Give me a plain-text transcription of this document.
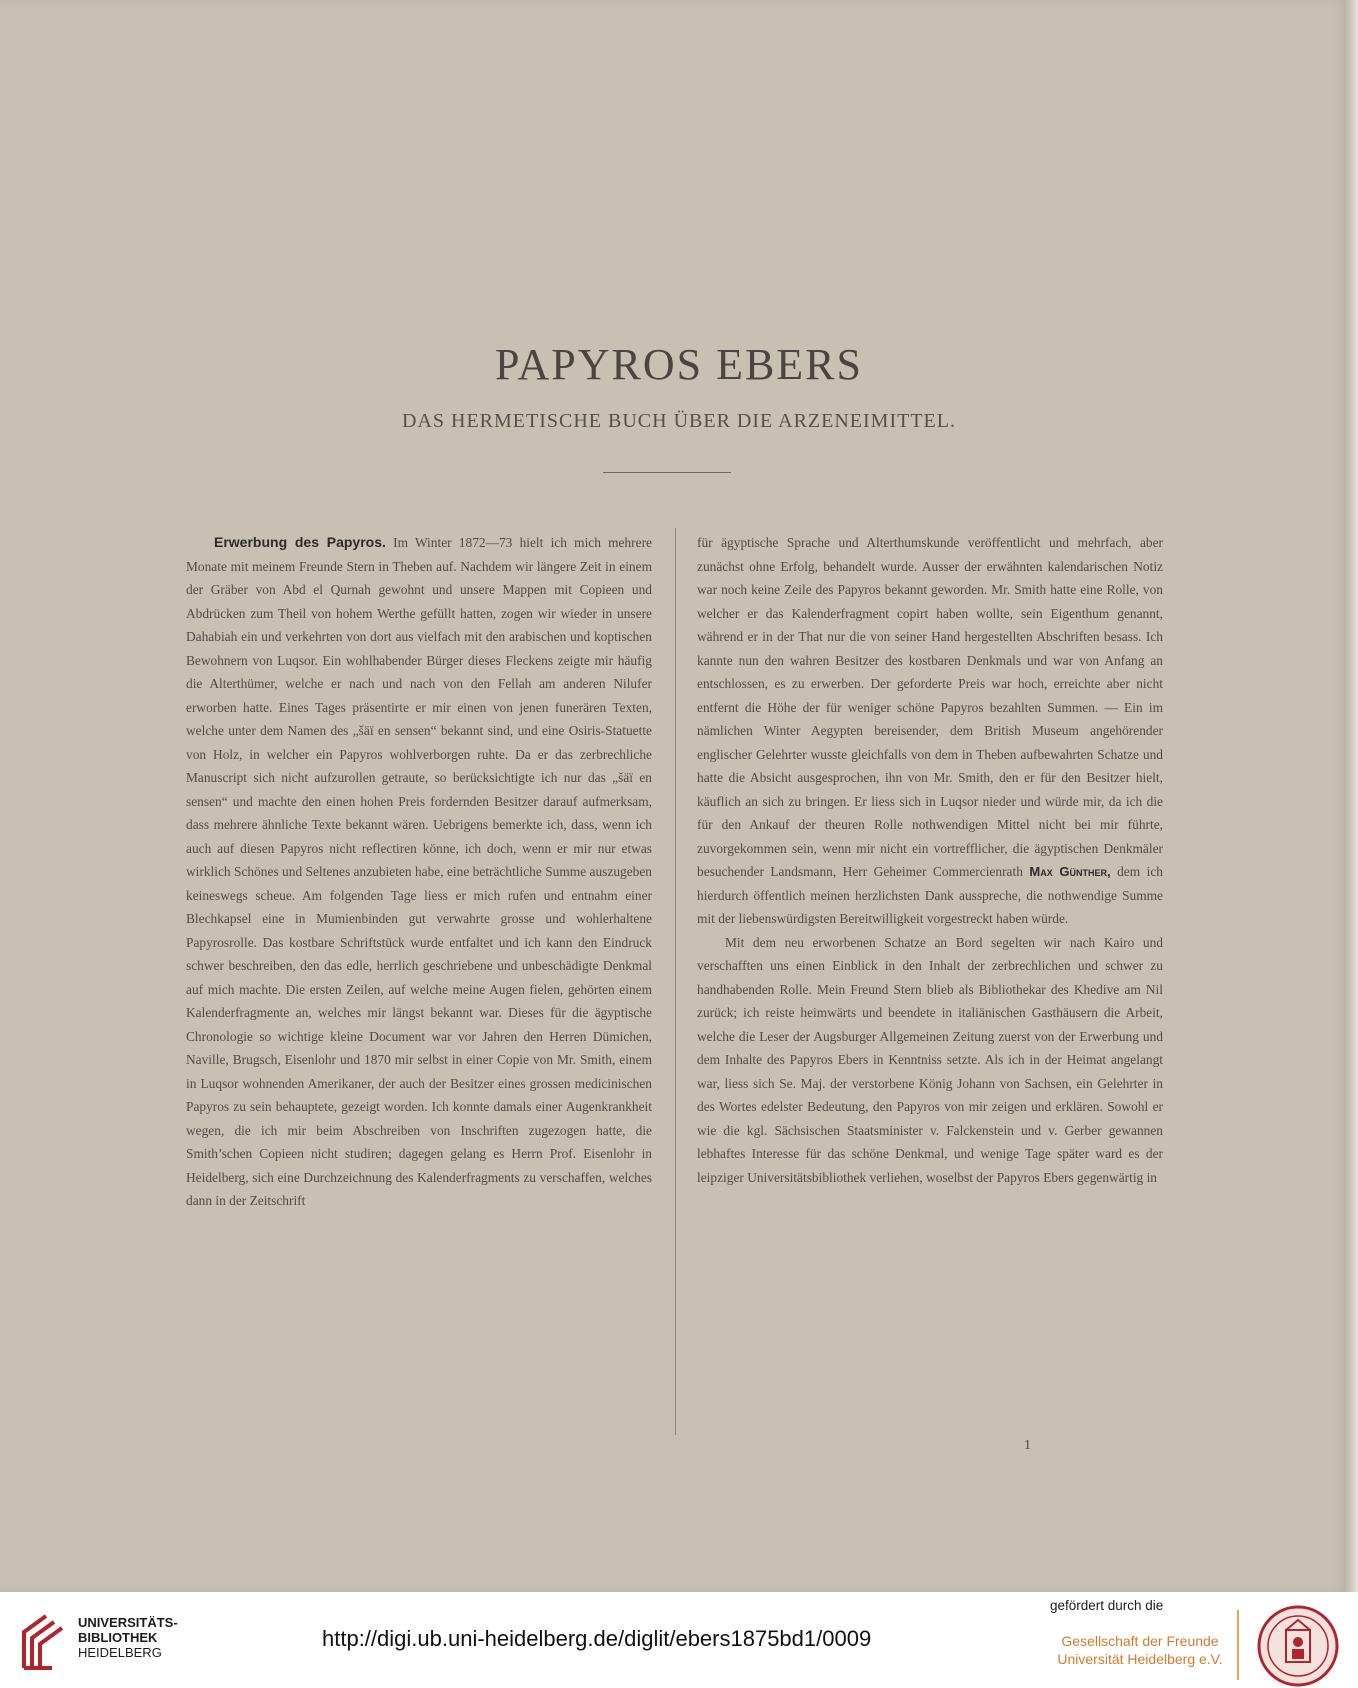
PAPYROS EBERS
DAS HERMETISCHE BUCH ÜBER DIE ARZENEIMITTEL.

Erwerbung des Papyros. Im Winter 1872—73 hielt ich mich mehrere Monate mit meinem Freunde Stern in Theben auf. Nachdem wir längere Zeit in einem der Gräber von Abd el Qurnah gewohnt und unsere Mappen mit Copieen und Abdrücken zum Theil von hohem Werthe gefüllt hatten, zogen wir wieder in unsere Dahabiah ein und verkehrten von dort aus vielfach mit den arabischen und koptischen Bewohnern von Luqsor. Ein wohlhabender Bürger dieses Fleckens zeigte mir häufig die Alterthümer, welche er nach und nach von den Fellah am anderen Nilufer erworben hatte. Eines Tages präsentirte er mir einen von jenen funerären Texten, welche unter dem Namen des „šäï en sensen“ bekannt sind, und eine Osiris-Statuette von Holz, in welcher ein Papyros wohlverborgen ruhte. Da er das zerbrechliche Manuscript sich nicht aufzurollen getraute, so berücksichtigte ich nur das „šäï en sensen“ und machte den einen hohen Preis fordernden Besitzer darauf aufmerksam, dass mehrere ähnliche Texte bekannt wären. Uebrigens bemerkte ich, dass, wenn ich auch auf diesen Papyros nicht reflectiren könne, ich doch, wenn er mir nur etwas wirklich Schönes und Seltenes anzubieten habe, eine beträchtliche Summe auszugeben keineswegs scheue. Am folgenden Tage liess er mich rufen und entnahm einer Blechkapsel eine in Mumienbinden gut verwahrte grosse und wohlerhaltene Papyrosrolle. Das kostbare Schriftstück wurde entfaltet und ich kann den Eindruck schwer beschreiben, den das edle, herrlich geschriebene und unbeschädigte Denkmal auf mich machte. Die ersten Zeilen, auf welche meine Augen fielen, gehörten einem Kalenderfragmente an, welches mir längst bekannt war. Dieses für die ägyptische Chronologie so wichtige kleine Document war vor Jahren den Herren Dümichen, Naville, Brugsch, Eisenlohr und 1870 mir selbst in einer Copie von Mr. Smith, einem in Luqsor wohnenden Amerikaner, der auch der Besitzer eines grossen medicinischen Papyros zu sein behauptete, gezeigt worden. Ich konnte damals einer Augenkrankheit wegen, die ich mir beim Abschreiben von Inschriften zugezogen hatte, die Smith’schen Copieen nicht studiren; dagegen gelang es Herrn Prof. Eisenlohr in Heidelberg, sich eine Durchzeichnung des Kalenderfragments zu verschaffen, welches dann in der Zeitschrift

für ägyptische Sprache und Alterthumskunde veröffentlicht und mehrfach, aber zunächst ohne Erfolg, behandelt wurde. Ausser der erwähnten kalendarischen Notiz war noch keine Zeile des Papyros bekannt geworden. Mr. Smith hatte eine Rolle, von welcher er das Kalenderfragment copirt haben wollte, sein Eigenthum genannt, während er in der That nur die von seiner Hand hergestellten Abschriften besass. Ich kannte nun den wahren Besitzer des kostbaren Denkmals und war von Anfang an entschlossen, es zu erwerben. Der geforderte Preis war hoch, erreichte aber nicht entfernt die Höhe der für weniger schöne Papyros bezahlten Summen. — Ein im nämlichen Winter Aegypten bereisender, dem British Museum angehörender englischer Gelehrter wusste gleichfalls von dem in Theben aufbewahrten Schatze und hatte die Absicht ausgesprochen, ihn von Mr. Smith, den er für den Besitzer hielt, käuflich an sich zu bringen. Er liess sich in Luqsor nieder und würde mir, da ich die für den Ankauf der theuren Rolle nothwendigen Mittel nicht bei mir führte, zuvorgekommen sein, wenn mir nicht ein vortrefflicher, die ägyptischen Denkmäler besuchender Landsmann, Herr Geheimer Commercienrath Max Günther, dem ich hierdurch öffentlich meinen herzlichsten Dank ausspreche, die nothwendige Summe mit der liebenswürdigsten Bereitwilligkeit vorgestreckt haben würde.

Mit dem neu erworbenen Schatze an Bord segelten wir nach Kairo und verschafften uns einen Einblick in den Inhalt der zerbrechlichen und schwer zu handhabenden Rolle. Mein Freund Stern blieb als Bibliothekar des Khedive am Nil zurück; ich reiste heimwärts und beendete in italiänischen Gasthäusern die Arbeit, welche die Leser der Augsburger Allgemeinen Zeitung zuerst von der Erwerbung und dem Inhalte des Papyros Ebers in Kenntniss setzte. Als ich in der Heimat angelangt war, liess sich Se. Maj. der verstorbene König Johann von Sachsen, ein Gelehrter in des Wortes edelster Bedeutung, den Papyros von mir zeigen und erklären. Sowohl er wie die kgl. Sächsischen Staatsminister v. Falckenstein und v. Gerber gewannen lebhaftes Interesse für das schöne Denkmal, und wenige Tage später ward es der leipziger Universitätsbibliothek verliehen, woselbst der Papyros Ebers gegenwärtig in

1
UNIVERSITÄTS-
BIBLIOTHEK
HEIDELBERG
http://digi.ub.uni-heidelberg.de/diglit/ebers1875bd1/0009
gefördert durch die
Gesellschaft der Freunde
Universität Heidelberg e.V.
